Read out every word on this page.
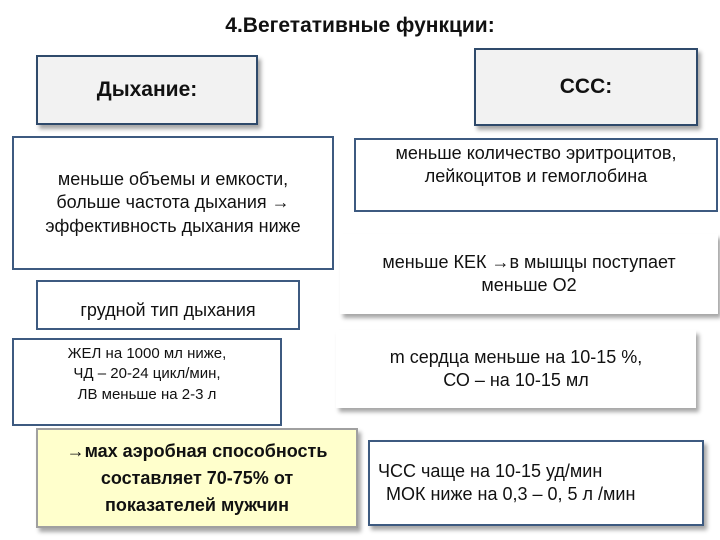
4.Вегетативные функции:
Дыхание:
меньше объемы и емкости,
больше частота дыхания →
эффективность дыхания ниже
грудной тип дыхания
ЖЕЛ на 1000 мл ниже,
ЧД – 20-24 цикл/мин,
ЛВ меньше на 2-3 л
→мах аэробная способность
составляет 70-75% от
показателей мужчин
ССС:
меньше количество эритроцитов,
лейкоцитов и гемоглобина
меньше КЕК →в мышцы поступает
меньше О2
m сердца меньше на 10-15 %,
СО – на 10-15 мл
ЧСС чаще на 10-15 уд/мин
МОК ниже на 0,3 – 0, 5 л /мин
